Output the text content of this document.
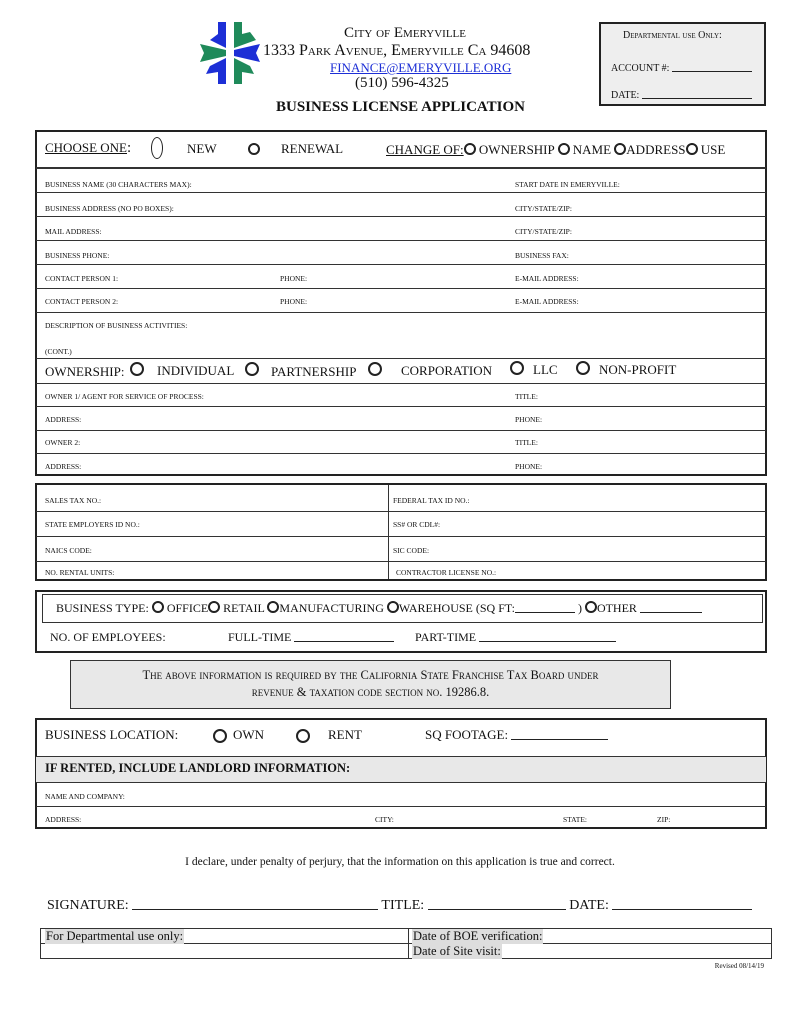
City of Emeryville
1333 Park Avenue, Emeryville Ca 94608
FINANCE@EMERYVILLE.ORG
(510) 596-4325
BUSINESS LICENSE APPLICATION
Departmental use Only:
ACCOUNT #:
DATE:
CHOOSE ONE:	NEW	RENEWAL	CHANGE OF: OWNERSHIP NAME ADDRESS USE
BUSINESS NAME (30 CHARACTERS MAX):	START DATE IN EMERYVILLE:
BUSINESS ADDRESS (NO PO BOXES):	CITY/STATE/ZIP:
MAIL ADDRESS:	CITY/STATE/ZIP:
BUSINESS PHONE:	BUSINESS FAX:
CONTACT PERSON 1:	PHONE:	E-MAIL ADDRESS:
CONTACT PERSON 2:	PHONE:	E-MAIL ADDRESS:
DESCRIPTION OF BUSINESS ACTIVITIES:
(CONT.)
OWNERSHIP:	INDIVIDUAL	PARTNERSHIP	CORPORATION	LLC	NON-PROFIT
OWNER 1/ AGENT FOR SERVICE OF PROCESS:	TITLE:
ADDRESS:	PHONE:
OWNER 2:	TITLE:
ADDRESS:	PHONE:
SALES TAX NO.:	FEDERAL TAX ID NO.:
STATE EMPLOYERS ID NO.:	SS# OR CDL#:
NAICS CODE:	SIC CODE:
NO. RENTAL UNITS:	CONTRACTOR LICENSE NO.:
BUSINESS TYPE: OFFICE RETAIL MANUFACTURING WAREHOUSE (SQ FT:	) OTHER
NO. OF EMPLOYEES:	FULL-TIME	PART-TIME
The above information is required by the California State Franchise Tax Board under
revenue & taxation code section no. 19286.8.
BUSINESS LOCATION:	OWN	RENT	SQ FOOTAGE:
IF RENTED, INCLUDE LANDLORD INFORMATION:
NAME AND COMPANY:
ADDRESS:	CITY:	STATE:	ZIP:
I declare, under penalty of perjury, that the information on this application is true and correct.
SIGNATURE:	TITLE:	DATE:
For Departmental use only:	Date of BOE verification:
Date of Site visit:
Revised 08/14/19
